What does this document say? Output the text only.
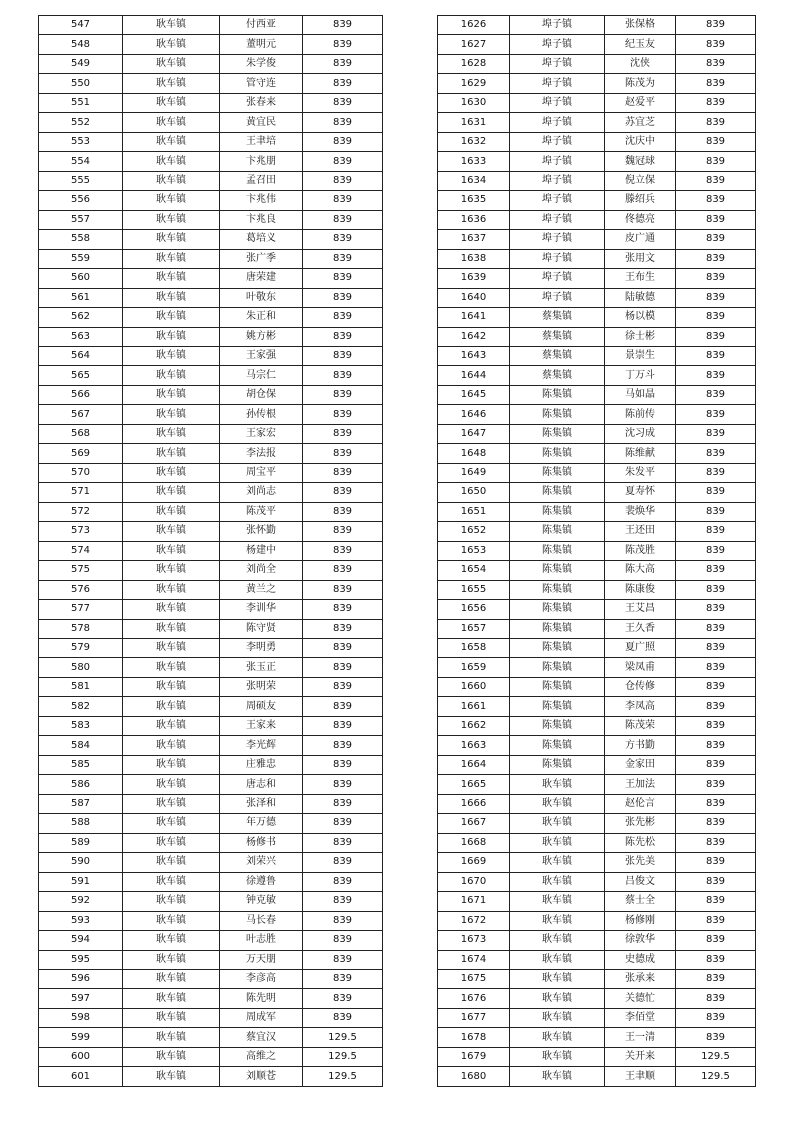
547	耿车镇	付西亚	839
548	耿车镇	董明元	839
549	耿车镇	朱学俊	839
550	耿车镇	管守连	839
551	耿车镇	张春来	839
552	耿车镇	黄宜民	839
553	耿车镇	王聿培	839
554	耿车镇	卞兆朋	839
555	耿车镇	孟召田	839
556	耿车镇	卞兆伟	839
557	耿车镇	卞兆良	839
558	耿车镇	葛培义	839
559	耿车镇	张广季	839
560	耿车镇	唐荣建	839
561	耿车镇	叶敬东	839
562	耿车镇	朱正和	839
563	耿车镇	姚方彬	839
564	耿车镇	王家强	839
565	耿车镇	马宗仁	839
566	耿车镇	胡仓保	839
567	耿车镇	孙传根	839
568	耿车镇	王家宏	839
569	耿车镇	李法报	839
570	耿车镇	周宝平	839
571	耿车镇	刘尚志	839
572	耿车镇	陈茂平	839
573	耿车镇	张怀勤	839
574	耿车镇	杨建中	839
575	耿车镇	刘尚全	839
576	耿车镇	黄兰之	839
577	耿车镇	李训华	839
578	耿车镇	陈守贤	839
579	耿车镇	李明勇	839
580	耿车镇	张玉正	839
581	耿车镇	张明荣	839
582	耿车镇	周硕友	839
583	耿车镇	王家来	839
584	耿车镇	李光辉	839
585	耿车镇	庄雅忠	839
586	耿车镇	唐志和	839
587	耿车镇	张泽和	839
588	耿车镇	年万德	839
589	耿车镇	杨修书	839
590	耿车镇	刘荣兴	839
591	耿车镇	徐遵鲁	839
592	耿车镇	钟克敏	839
593	耿车镇	马长春	839
594	耿车镇	叶志胜	839
595	耿车镇	万天朋	839
596	耿车镇	李彦高	839
597	耿车镇	陈先明	839
598	耿车镇	周成军	839
599	耿车镇	蔡宜汉	129.5
600	耿车镇	高维之	129.5
601	耿车镇	刘顺苍	129.5
1626	埠子镇	张保格	839
1627	埠子镇	纪玉友	839
1628	埠子镇	沈侠	839
1629	埠子镇	陈茂为	839
1630	埠子镇	赵爱平	839
1631	埠子镇	苏宜芝	839
1632	埠子镇	沈庆中	839
1633	埠子镇	魏冠球	839
1634	埠子镇	倪立保	839
1635	埠子镇	滕绍兵	839
1636	埠子镇	佟德亮	839
1637	埠子镇	皮广通	839
1638	埠子镇	张用文	839
1639	埠子镇	王布生	839
1640	埠子镇	陆敏德	839
1641	蔡集镇	杨以模	839
1642	蔡集镇	徐士彬	839
1643	蔡集镇	景崇生	839
1644	蔡集镇	丁万斗	839
1645	陈集镇	马如晶	839
1646	陈集镇	陈前传	839
1647	陈集镇	沈习成	839
1648	陈集镇	陈维献	839
1649	陈集镇	朱发平	839
1650	陈集镇	夏寿怀	839
1651	陈集镇	裴焕华	839
1652	陈集镇	王还田	839
1653	陈集镇	陈茂胜	839
1654	陈集镇	陈大高	839
1655	陈集镇	陈康俊	839
1656	陈集镇	王艾昌	839
1657	陈集镇	王久香	839
1658	陈集镇	夏广照	839
1659	陈集镇	梁凤甫	839
1660	陈集镇	仓传修	839
1661	陈集镇	李凤高	839
1662	陈集镇	陈茂荣	839
1663	陈集镇	方书勤	839
1664	陈集镇	金家田	839
1665	耿车镇	王加法	839
1666	耿车镇	赵伦言	839
1667	耿车镇	张先彬	839
1668	耿车镇	陈先松	839
1669	耿车镇	张先美	839
1670	耿车镇	吕俊文	839
1671	耿车镇	蔡士全	839
1672	耿车镇	杨修刚	839
1673	耿车镇	徐敦华	839
1674	耿车镇	史德成	839
1675	耿车镇	张承来	839
1676	耿车镇	关德忙	839
1677	耿车镇	李佰堂	839
1678	耿车镇	王一清	839
1679	耿车镇	关开来	129.5
1680	耿车镇	王聿顺	129.5
